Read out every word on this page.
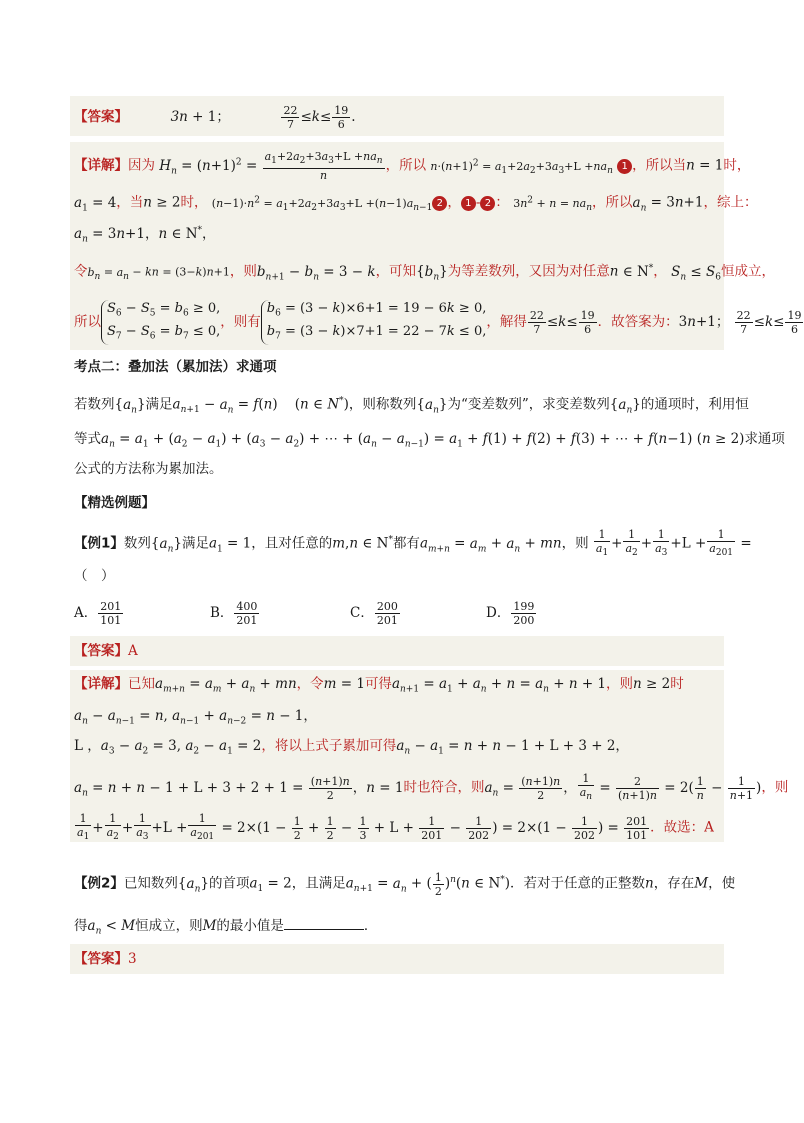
【答案】	3n + 1；	$\frac{22}{7} \le k\le \frac{19}{6}$ .
【详解】因为 $H_n = (n+1)^2 = \frac{a_1+2a_2+3a_3+L +na_n}{n}$ ，所以 $n\cdot(n+1)^2 = a_1+2a_2+3a_3+L +na_n$ 1 ，所以当n = 1时，
$a_1 = 4$，当n ≥ 2时， $(n-1)\cdot n^2 = a_1+2a_2+3a_3+L +(n-1)a_{n-1}$ 2 ， 1 - 2 ： $3n^2 + n = na_n$，所以$a_n = 3n+1$，综上：
$a_n = 3n+1$，n ∈ N*，
令$b_n = a_n$ − kn = (3−k)n+1，则$b_{n+1} - b_n = 3 - k$，可知$\{b_n\}$为等差数列，又因为对任意n ∈ N*， $S_n \le S_6$恒成立，
所以$S_6 - S_5 = b_6 \ge 0$,
$S_7 - S_6 = b_7 \le 0$,，则有$b_6 = (3 - k)\times 6+1 = 19 - 6k \ge 0$,
$b_7 = (3 - k)\times 7+1 = 22 - 7k \le 0$,，解得 $\frac{22}{7} \le k\le \frac{19}{6}$ ．故答案为：3n+1； $\frac{22}{7} \le k\le \frac{19}{6}$
考点二：叠加法（累加法）求通项
若数列$\{a_n\}$满足$a_{n+1} - a_n = f(n)$    (n ∈ N*)，则称数列$\{a_n\}$为“变差数列”，求变差数列$\{a_n\}$的通项时，利用恒
等式$a_n = a_1 + (a_2 - a_1) + (a_3 - a_2)$ + ⋯ + $(a_n - a_{n-1}) = a_1 + f(1) + f(2) + f(3)$ + ⋯ + f(n−1) (n ≥ 2)求通项
公式的方法称为累加法。
【精选例题】
【例1】数列$\{a_n\}$满足$a_1 = 1$，且对任意的m,n ∈ N*都有$a_{m+n} = a_m + a_n$ + mn，则 $\frac{1}{a_1} + \frac{1}{a_2} + \frac{1}{a_3} +L + \frac{1}{a_{201}}$ =
（　）
A． $\frac{201}{101}$	B． $\frac{400}{201}$	C． $\frac{200}{201}$	D． $\frac{199}{200}$
【答案】A
【详解】已知$a_{m+n} = a_m + a_n$ + mn，令m = 1可得$a_{n+1} = a_1 + a_n + n = a_n + n + 1$，则n ≥ 2时
$a_n - a_{n-1} = n$, $a_{n-1} + a_{n-2} = n - 1$，
L ，$a_3 - a_2 = 3$, $a_2 - a_1 = 2$，将以上式子累加可得$a_n - a_1 = n + n - 1 + L + 3 + 2$，
$a_n = n + n - 1 + L + 3 + 2 + 1 = \frac{(n+1)n}{2}$ ，n = 1时也符合，则$a_n = \frac{(n+1)n}{2}$ ， $\frac{1}{a_n} = \frac{2}{(n+1)n} = 2( \frac{1}{n} - \frac{1}{n+1}$ )，则
$\frac{1}{a_1} + \frac{1}{a_2} + \frac{1}{a_3} +L + \frac{1}{a_{201}} = 2\times(1 - \frac{1}{2} + \frac{1}{2} - \frac{1}{3} + L + \frac{1}{201} - \frac{1}{202}$ ) = $2\times(1 - \frac{1}{202}$ ) = $\frac{201}{101}$ ．故选：A
【例2】已知数列$\{a_n\}$的首项$a_1 = 2$，且满足$a_{n+1} = a_n$ + ( $\frac{1}{2} )^n(n$ ∈ N*)．若对于任意的正整数n，存在M，使
得$a_n < M$恒成立，则M的最小值是	．
【答案】3
